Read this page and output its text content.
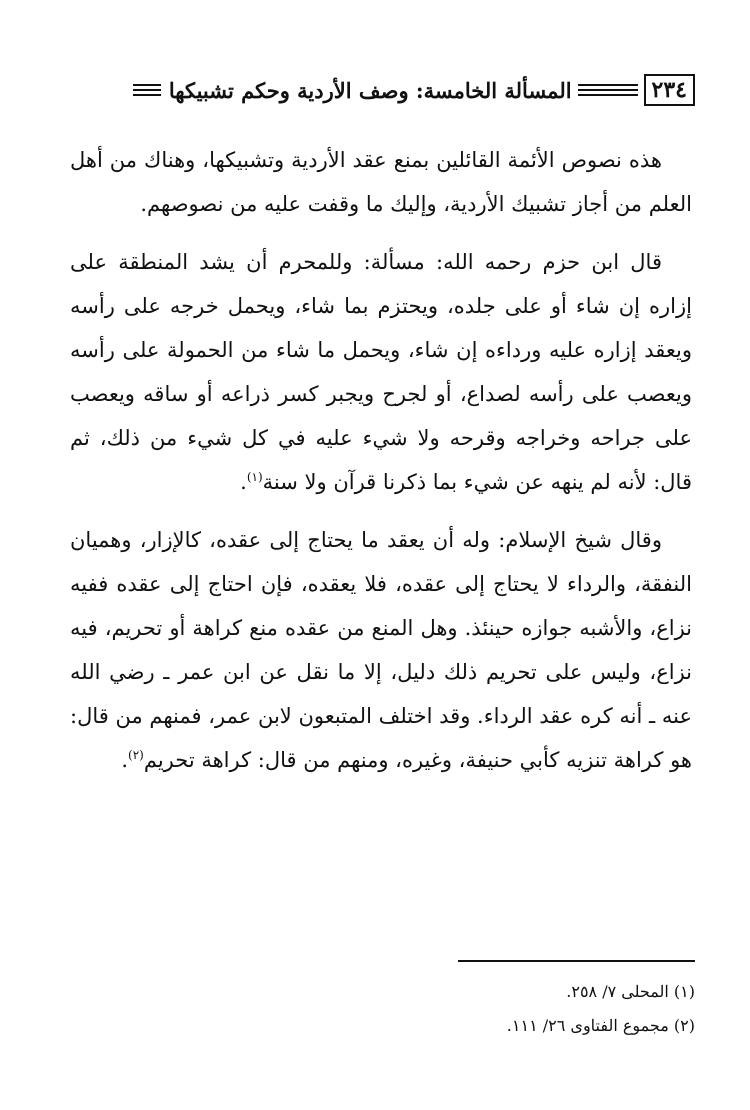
٢٣٤
المسألة الخامسة: وصف الأردية وحكم تشبيكها

هذه نصوص الأئمة القائلين بمنع عقد الأردية وتشبيكها، وهناك من أهل العلم من أجاز تشبيك الأردية، وإليك ما وقفت عليه من نصوصهم.

قال ابن حزم رحمه الله: مسألة: وللمحرم أن يشد المنطقة على إزاره إن شاء أو على جلده، ويحتزم بما شاء، ويحمل خرجه على رأسه ويعقد إزاره عليه ورداءه إن شاء، ويحمل ما شاء من الحمولة على رأسه ويعصب على رأسه لصداع، أو لجرح ويجبر كسر ذراعه أو ساقه ويعصب على جراحه وخراجه وقرحه ولا شيء عليه في كل شيء من ذلك، ثم قال: لأنه لم ينهه عن شيء بما ذكرنا قرآن ولا سنة$^{(١)}$.

وقال شيخ الإسلام: وله أن يعقد ما يحتاج إلى عقده، كالإزار، وهميان النفقة، والرداء لا يحتاج إلى عقده، فلا يعقده، فإن احتاج إلى عقده ففيه نزاع، والأشبه جوازه حينئذ. وهل المنع من عقده منع كراهة أو تحريم، فيه نزاع، وليس على تحريم ذلك دليل، إلا ما نقل عن ابن عمر ـ رضي الله عنه ـ أنه كره عقد الرداء. وقد اختلف المتبعون لابن عمر، فمنهم من قال: هو كراهة تنزيه كأبي حنيفة، وغيره، ومنهم من قال: كراهة تحريم$^{(٢)}$.

(١) المحلى ٧/ ٢٥٨.
(٢) مجموع الفتاوى ٢٦/ ١١١.
